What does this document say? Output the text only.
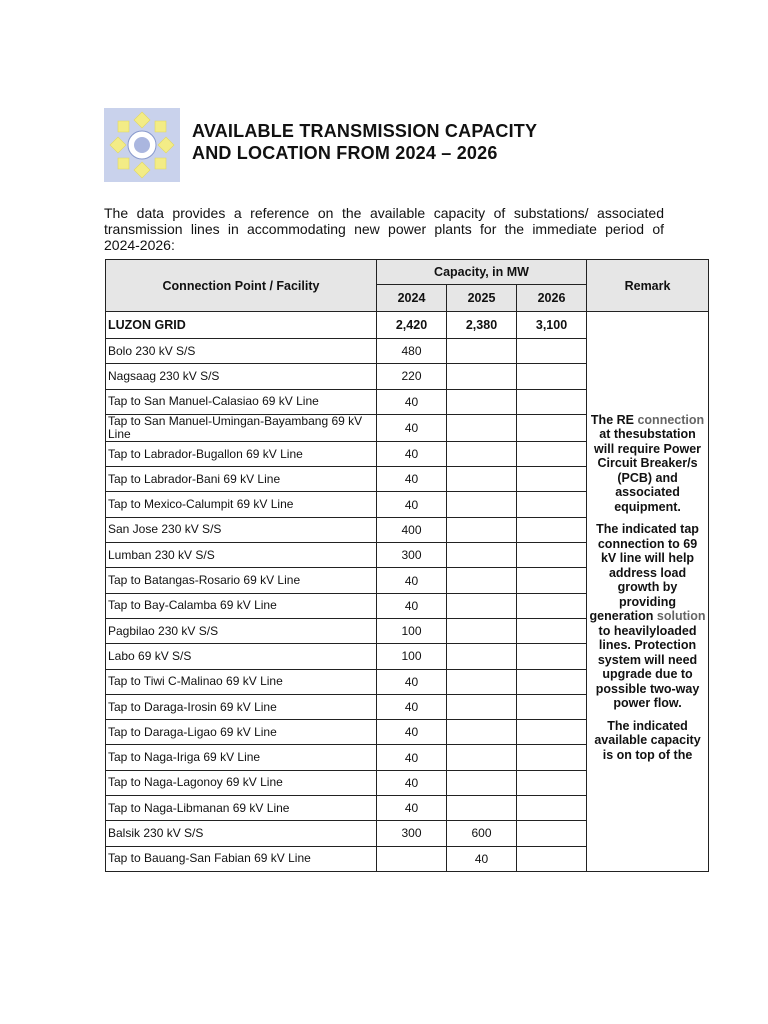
AVAILABLE TRANSMISSION CAPACITY
AND LOCATION FROM 2024 – 2026
The data provides a reference on the available capacity of substations/ associated
transmission lines in accommodating new power plants for the immediate period of
2024-2026:
Connection Point / Facility	Capacity, in MW			Remark
	2024	2025	2026	
LUZON GRID	2,420	2,380	3,100	The RE connection at thesubstation will require Power Circuit Breaker/s (PCB) and associated equipment.

The indicated tap connection to 69 kV line will help address load growth by providing generation solution to heavilyloaded lines. Protection system will need upgrade due to possible two-way power flow.

The indicated available capacity is on top of the

Bolo 230 kV S/S	480			
Nagsaag 230 kV S/S	220			
Tap to San Manuel-Calasiao 69 kV Line	40			
Tap to San Manuel-Umingan-Bayambang 69 kV Line	40			
Tap to Labrador-Bugallon 69 kV Line	40			
Tap to Labrador-Bani 69 kV Line	40			
Tap to Mexico-Calumpit 69 kV Line	40			
San Jose 230 kV S/S	400			
Lumban 230 kV S/S	300			
Tap to Batangas-Rosario 69 kV Line	40			
Tap to Bay-Calamba 69 kV Line	40			
Pagbilao 230 kV S/S	100			
Labo 69 kV S/S	100			
Tap to Tiwi C-Malinao 69 kV Line	40			
Tap to Daraga-Irosin 69 kV Line	40			
Tap to Daraga-Ligao 69 kV Line	40			
Tap to Naga-Iriga 69 kV Line	40			
Tap to Naga-Lagonoy 69 kV Line	40			
Tap to Naga-Libmanan 69 kV Line	40			
Balsik 230 kV S/S	300	600		
Tap to Bauang-San Fabian 69 kV Line		40		
